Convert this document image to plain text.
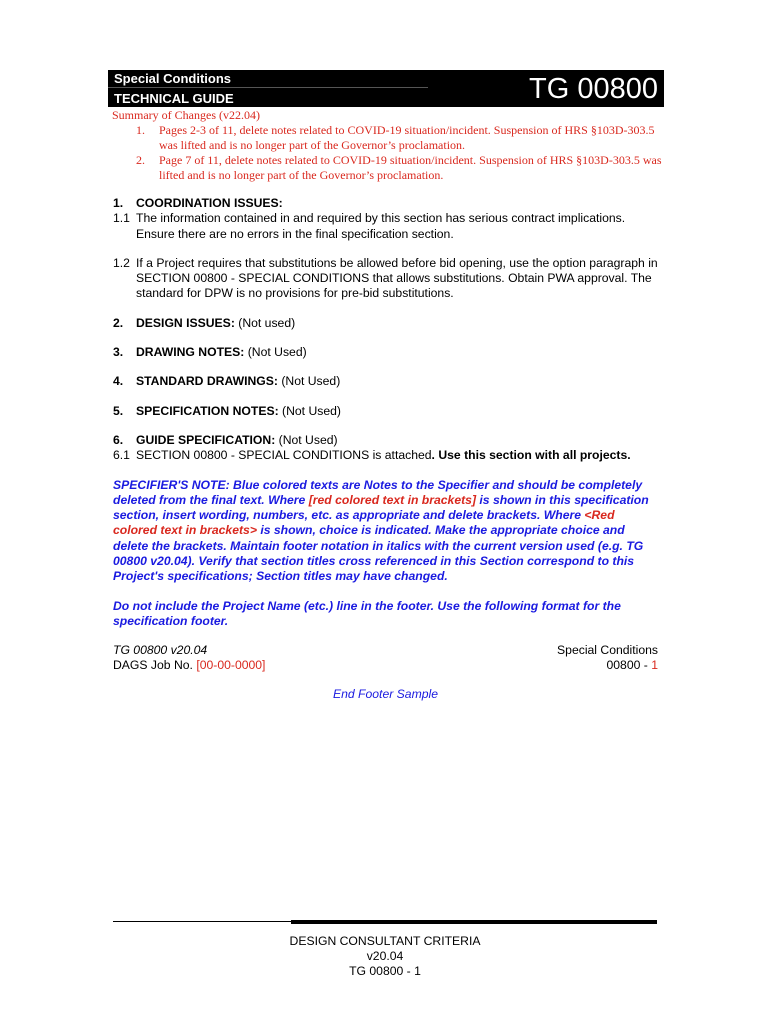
Special Conditions
TECHNICAL GUIDE	TG 00800
Summary of Changes (v22.04)
1. Pages 2-3 of 11, delete notes related to COVID-19 situation/incident. Suspension of HRS §103D-303.5 was lifted and is no longer part of the Governor’s proclamation.
2. Page 7 of 11, delete notes related to COVID-19 situation/incident. Suspension of HRS §103D-303.5 was lifted and is no longer part of the Governor’s proclamation.
1. COORDINATION ISSUES:
1.1 The information contained in and required by this section has serious contract implications. Ensure there are no errors in the final specification section.
1.2 If a Project requires that substitutions be allowed before bid opening, use the option paragraph in SECTION 00800 - SPECIAL CONDITIONS that allows substitutions. Obtain PWA approval. The standard for DPW is no provisions for pre-bid substitutions.
2. DESIGN ISSUES: (Not used)
3. DRAWING NOTES: (Not Used)
4. STANDARD DRAWINGS: (Not Used)
5. SPECIFICATION NOTES: (Not Used)
6. GUIDE SPECIFICATION: (Not Used)
6.1 SECTION 00800 - SPECIAL CONDITIONS is attached. Use this section with all projects.
SPECIFIER'S NOTE: Blue colored texts are Notes to the Specifier and should be completely deleted from the final text. Where [red colored text in brackets] is shown in this specification section, insert wording, numbers, etc. as appropriate and delete brackets. Where <Red colored text in brackets> is shown, choice is indicated. Make the appropriate choice and delete the brackets. Maintain footer notation in italics with the current version used (e.g. TG 00800 v20.04). Verify that section titles cross referenced in this Section correspond to this Project's specifications; Section titles may have changed.
Do not include the Project Name (etc.) line in the footer. Use the following format for the specification footer.
TG 00800 v20.04
DAGS Job No. [00-00-0000]
Special Conditions
00800 - 1
End Footer Sample
DESIGN CONSULTANT CRITERIA
v20.04
TG 00800 - 1
